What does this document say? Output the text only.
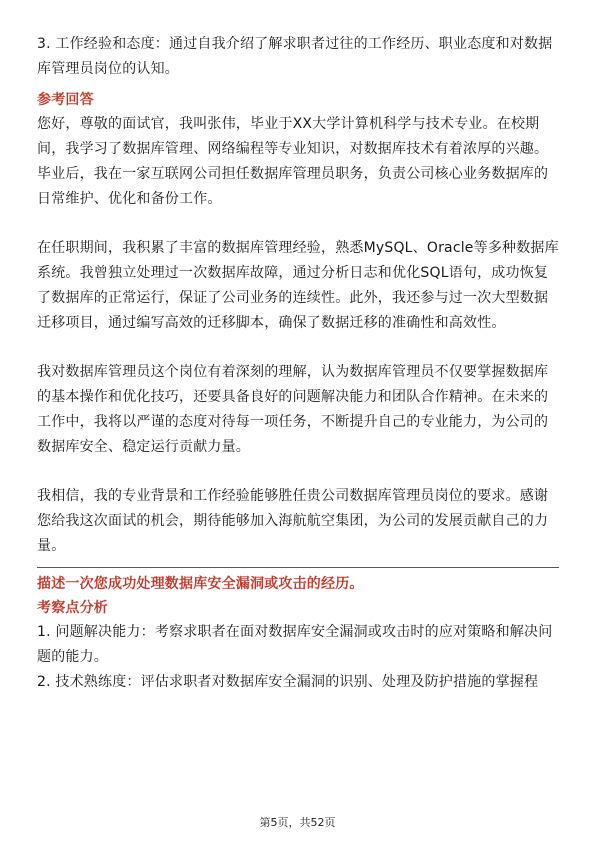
3. 工作经验和态度：通过自我介绍了解求职者过往的工作经历、职业态度和对数据库管理员岗位的认知。

参考回答

您好，尊敬的面试官，我叫张伟，毕业于XX大学计算机科学与技术专业。在校期间，我学习了数据库管理、网络编程等专业知识，对数据库技术有着浓厚的兴趣。毕业后，我在一家互联网公司担任数据库管理员职务，负责公司核心业务数据库的日常维护、优化和备份工作。

在任职期间，我积累了丰富的数据库管理经验，熟悉MySQL、Oracle等多种数据库系统。我曾独立处理过一次数据库故障，通过分析日志和优化SQL语句，成功恢复了数据库的正常运行，保证了公司业务的连续性。此外，我还参与过一次大型数据迁移项目，通过编写高效的迁移脚本，确保了数据迁移的准确性和高效性。

我对数据库管理员这个岗位有着深刻的理解，认为数据库管理员不仅要掌握数据库的基本操作和优化技巧，还要具备良好的问题解决能力和团队合作精神。在未来的工作中，我将以严谨的态度对待每一项任务，不断提升自己的专业能力，为公司的数据库安全、稳定运行贡献力量。

我相信，我的专业背景和工作经验能够胜任贵公司数据库管理员岗位的要求。感谢您给我这次面试的机会，期待能够加入海航航空集团，为公司的发展贡献自己的力量。

描述一次您成功处理数据库安全漏洞或攻击的经历。

考察点分析

1. 问题解决能力：考察求职者在面对数据库安全漏洞或攻击时的应对策略和解决问题的能力。

2. 技术熟练度：评估求职者对数据库安全漏洞的识别、处理及防护措施的掌握程

第5页，共52页
